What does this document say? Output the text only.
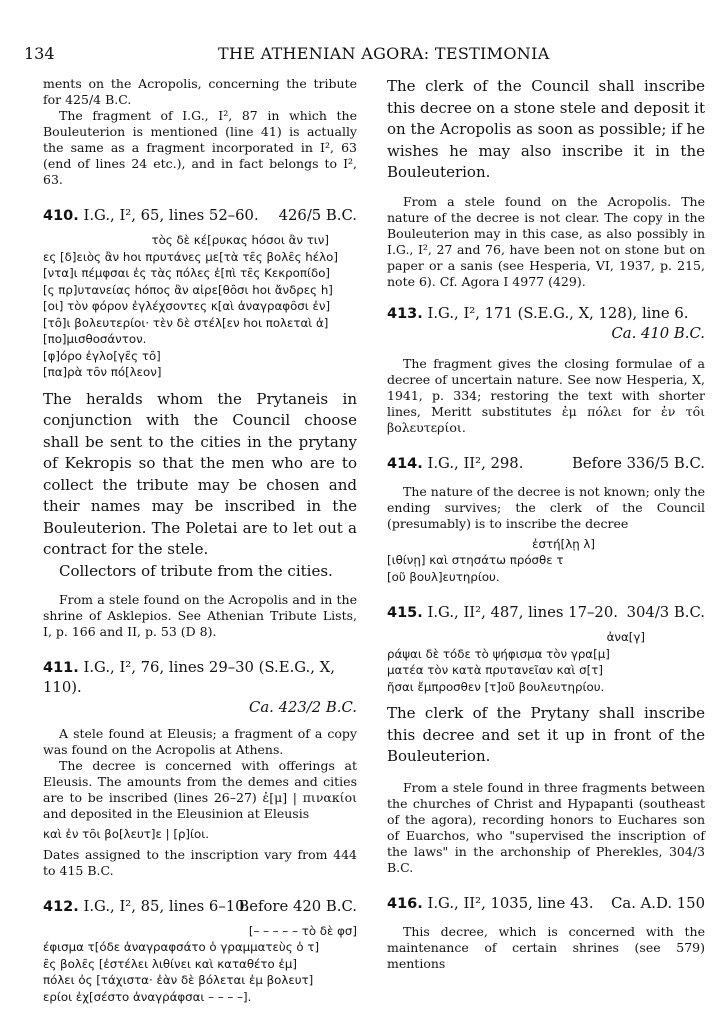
134	THE ATHENIAN AGORA: TESTIMONIA

ments on the Acropolis, concerning the tribute for 425/4 B.C.

The fragment of I.G., I², 87 in which the Bouleuterion is mentioned (line 41) is actually the same as a fragment incorporated in I², 63 (end of lines 24 etc.), and in fact belongs to I², 63.

410. I.G., I², 65, lines 52–60. 426/5 B.C.

τὸς δὲ κέ[ρυκας hόσοι ἂν τιν]

ες [δ]ειὸς ἂν hoι πρυτάνες με[τὰ τε̑ς βολε̑ς hέλο]

[ντα]ι πέμφσαι ἐς τὰς πόλες ἐ[πὶ τε̑ς Κεκροπίδο]

[ς πρ]υτανείας hόπος ἂν αἱρε[θο̑σι hoι ἄνδρες h]

[οι] τὸν φόρον ἐγλέχσοντες κ[αὶ ἀναγραφο̑σι ἐν]

[το̑]ι βολευτερίοι· τὲν δὲ στέλ[εν hoι πολεταὶ ἀ]

[πο]μισθοσάντον.

[φ]όρο ἐγλο[γε̑ς το̑]

[πα]ρὰ το̑ν πό[λεον]

The heralds whom the Prytaneis in conjunction with the Council choose shall be sent to the cities in the prytany of Kekropis so that the men who are to collect the tribute may be chosen and their names may be inscribed in the Bouleuterion. The Poletai are to let out a contract for the stele.

Collectors of tribute from the cities.

From a stele found on the Acropolis and in the shrine of Asklepios. See Athenian Tribute Lists, I, p. 166 and II, p. 53 (D 8).

411. I.G., I², 76, lines 29–30 (S.E.G., X, 110).

Ca. 423/2 B.C.

A stele found at Eleusis; a fragment of a copy was found on the Acropolis at Athens.

The decree is concerned with offerings at Eleusis. The amounts from the demes and cities are to be inscribed (lines 26–27) ἐ[μ] | πινακίοι and deposited in the Eleusinion at Eleusis

καὶ ἐν το̑ι βο[λευτ]ε | [ρ]ίοι.

Dates assigned to the inscription vary from 444 to 415 B.C.

412. I.G., I², 85, lines 6–10.
Before 420 B.C.

[– – – – – τὸ δὲ φσ]

έφισμα τ[όδε ἀναγραφσάτο ὁ γραμματεὺς ὁ τ]

ε̑ς βολε̑ς [ἐστέλει λιθίνει καὶ καταθέτο ἐμ]

πόλει ὀς [τάχιστα· ἐὰν δὲ βόλεται ἐμ βολευτ]

ερίοι ἐχ[σέστο ἀναγράφσαι – – – –].

The clerk of the Council shall inscribe this decree on a stone stele and deposit it on the Acropolis as soon as possible; if he wishes he may also inscribe it in the Bouleuterion.

From a stele found on the Acropolis. The nature of the decree is not clear. The copy in the Bouleuterion may in this case, as also possibly in I.G., I², 27 and 76, have been not on stone but on paper or a sanis (see Hesperia, VI, 1937, p. 215, note 6). Cf. Agora I 4977 (429).

413. I.G., I², 171 (S.E.G., X, 128), line 6.

Ca. 410 B.C.

The fragment gives the closing formulae of a decree of uncertain nature. See now Hesperia, X, 1941, p. 334; restoring the text with shorter lines, Meritt substitutes ἐμ πόλει for ἐν το̑ι βολευτερίοι.

414. I.G., II², 298.	Before 336/5 B.C.

The nature of the decree is not known; only the ending survives; the clerk of the Council (presumably) is to inscribe the decree

ἐστή[λῃ λ]

[ιθίνῃ] καὶ στησάτω πρόσθε τ

[οῦ βουλ]ευτηρίου.

415. I.G., II², 487, lines 17–20. 304/3 B.C.

ἀνα[γ]

ράψαι δὲ τόδε τὸ ψήφισμα τὸν γρα[μ]

ματέα τὸν κατὰ πρυτανεῖαν καὶ σ[τ]

ῆσαι ἔμπροσθεν [τ]οῦ βουλευτηρίου.

The clerk of the Prytany shall inscribe this decree and set it up in front of the Bouleuterion.

From a stele found in three fragments between the churches of Christ and Hypapanti (southeast of the agora), recording honors to Euchares son of Euarchos, who "supervised the inscription of the laws" in the archonship of Pherekles, 304/3 B.C.

416. I.G., II², 1035, line 43. Ca. A.D. 150

This decree, which is concerned with the maintenance of certain shrines (see 579) mentions
